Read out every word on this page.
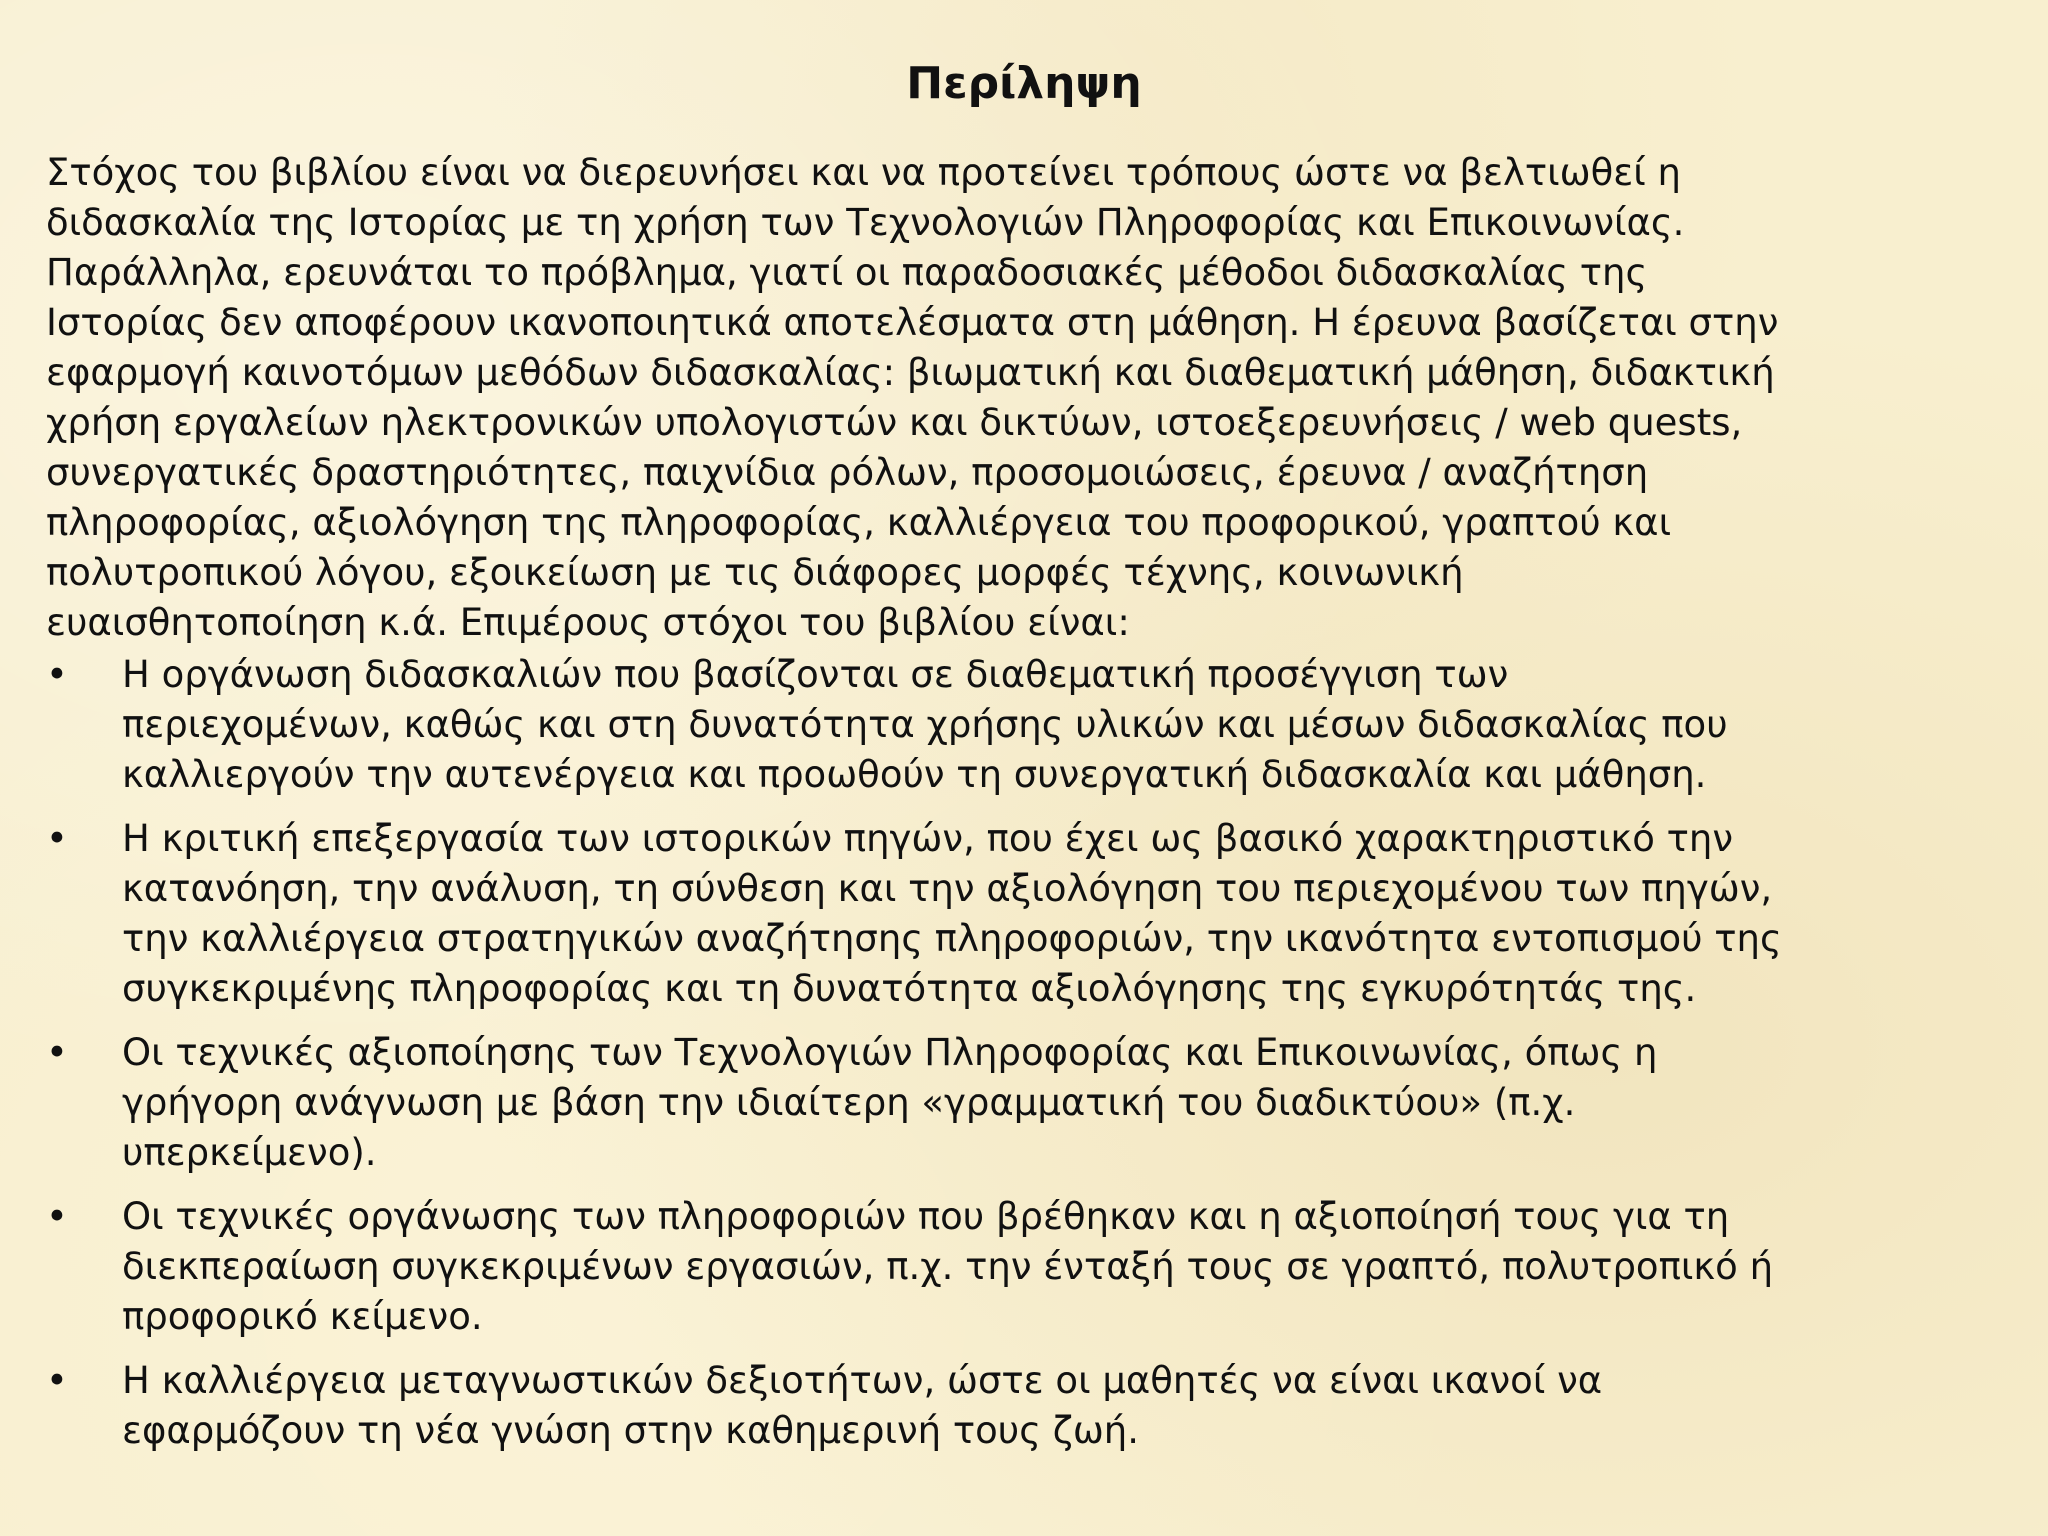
Περίληψη

Στόχος του βιβλίου είναι να διερευνήσει και να προτείνει τρόπους ώστε να βελτιωθεί η
διδασκαλία της Ιστορίας με τη χρήση των Τεχνολογιών Πληροφορίας και Επικοινωνίας.
Παράλληλα, ερευνάται το πρόβλημα, γιατί οι παραδοσιακές μέθοδοι διδασκαλίας της
Ιστορίας δεν αποφέρουν ικανοποιητικά αποτελέσματα στη μάθηση. Η έρευνα βασίζεται στην
εφαρμογή καινοτόμων μεθόδων διδασκαλίας: βιωματική και διαθεματική μάθηση, διδακτική
χρήση εργαλείων ηλεκτρονικών υπολογιστών και δικτύων, ιστοεξερευνήσεις / web quests,
συνεργατικές δραστηριότητες, παιχνίδια ρόλων, προσομοιώσεις, έρευνα / αναζήτηση
πληροφορίας, αξιολόγηση της πληροφορίας, καλλιέργεια του προφορικού, γραπτού και
πολυτροπικού λόγου, εξοικείωση με τις διάφορες μορφές τέχνης, κοινωνική
ευαισθητοποίηση κ.ά. Επιμέρους στόχοι του βιβλίου είναι:

• Η οργάνωση διδασκαλιών που βασίζονται σε διαθεματική προσέγγιση των
περιεχομένων, καθώς και στη δυνατότητα χρήσης υλικών και μέσων διδασκαλίας που
καλλιεργούν την αυτενέργεια και προωθούν τη συνεργατική διδασκαλία και μάθηση.
• Η κριτική επεξεργασία των ιστορικών πηγών, που έχει ως βασικό χαρακτηριστικό την
κατανόηση, την ανάλυση, τη σύνθεση και την αξιολόγηση του περιεχομένου των πηγών,
την καλλιέργεια στρατηγικών αναζήτησης πληροφοριών, την ικανότητα εντοπισμού της
συγκεκριμένης πληροφορίας και τη δυνατότητα αξιολόγησης της εγκυρότητάς της.
• Οι τεχνικές αξιοποίησης των Τεχνολογιών Πληροφορίας και Επικοινωνίας, όπως η
γρήγορη ανάγνωση με βάση την ιδιαίτερη «γραμματική του διαδικτύου» (π.χ.
υπερκείμενο).
• Οι τεχνικές οργάνωσης των πληροφοριών που βρέθηκαν και η αξιοποίησή τους για τη
διεκπεραίωση συγκεκριμένων εργασιών, π.χ. την ένταξή τους σε γραπτό, πολυτροπικό ή
προφορικό κείμενο.
• Η καλλιέργεια μεταγνωστικών δεξιοτήτων, ώστε οι μαθητές να είναι ικανοί να
εφαρμόζουν τη νέα γνώση στην καθημερινή τους ζωή.
